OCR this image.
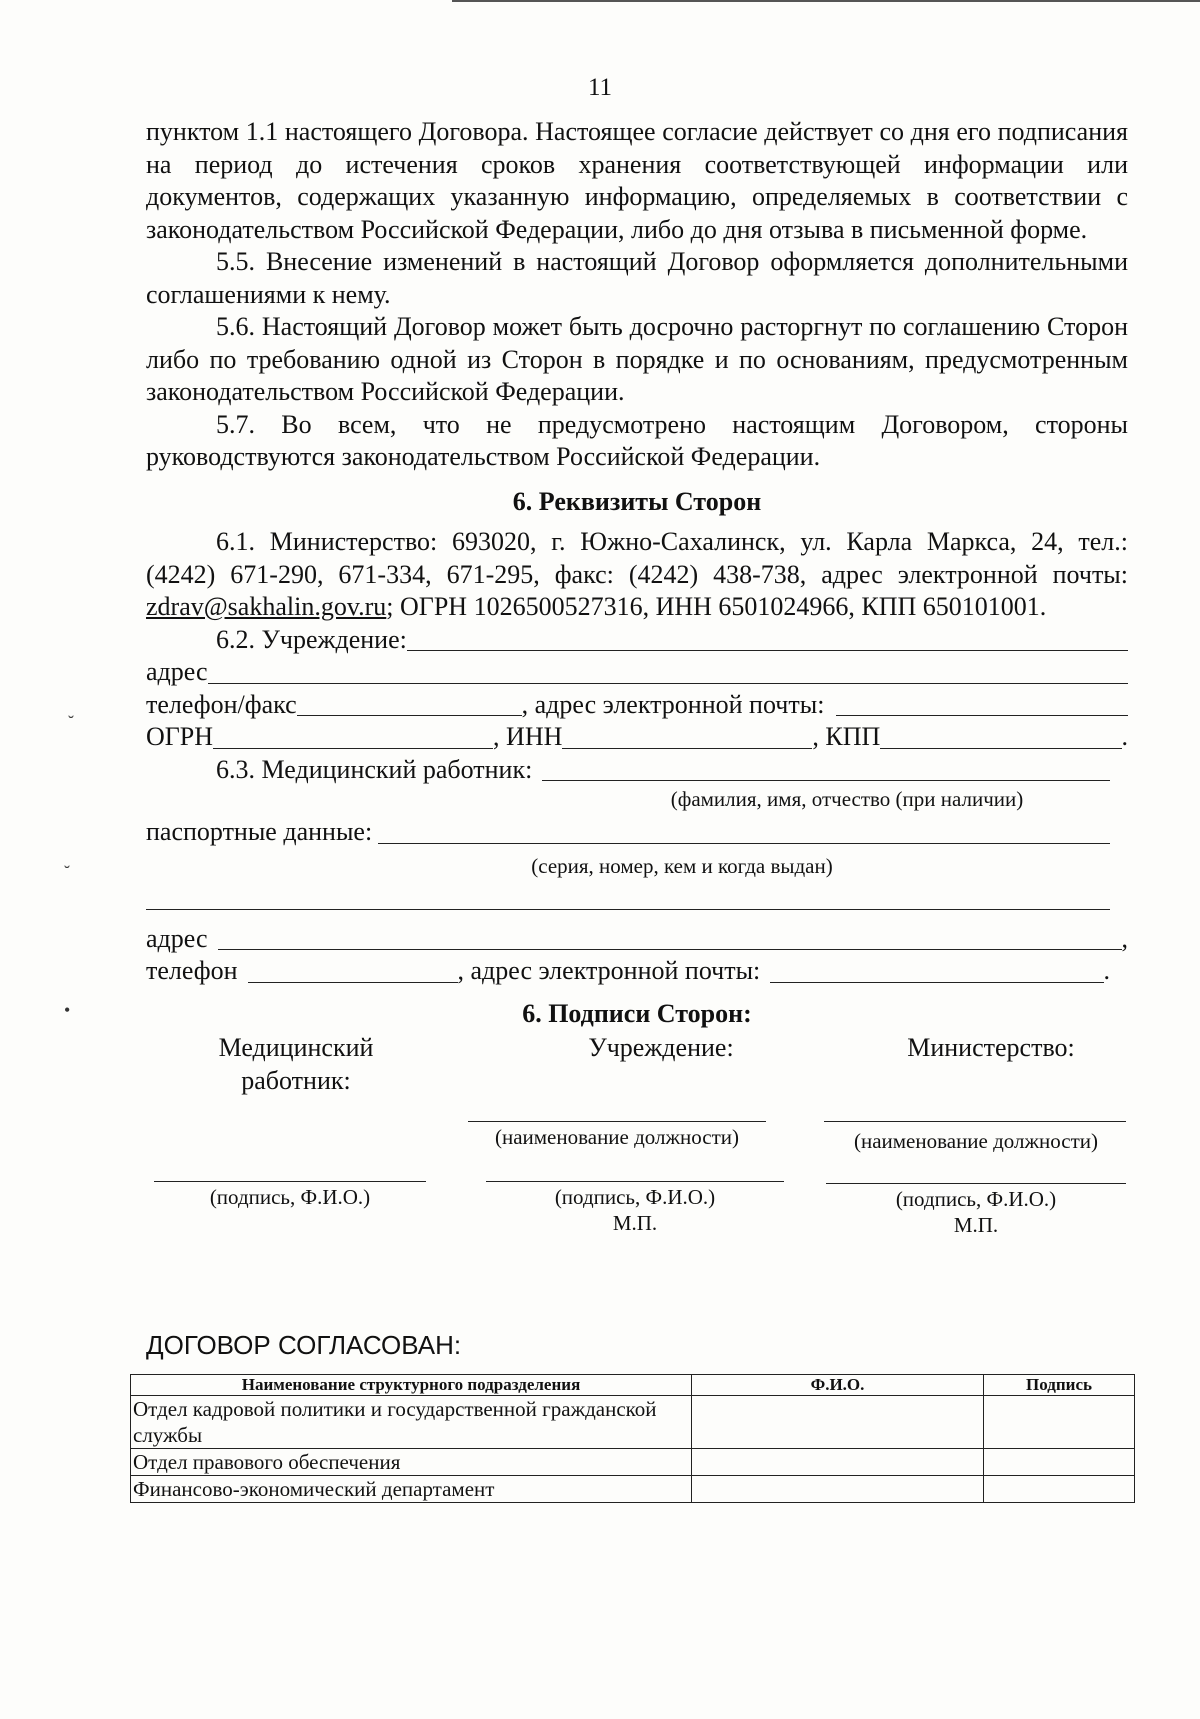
˘
˘
•
11

пунктом 1.1 настоящего Договора. Настоящее согласие действует со дня его подписания на период до истечения сроков хранения соответствующей информации или документов, содержащих указанную информацию, определяемых в соответствии с законодательством Российской Федерации, либо до дня отзыва в письменной форме.

5.5. Внесение изменений в настоящий Договор оформляется дополнительными соглашениями к нему.

5.6. Настоящий Договор может быть досрочно расторгнут по соглашению Сторон либо по требованию одной из Сторон в порядке и по основаниям, предусмотренным законодательством Российской Федерации.

5.7. Во всем, что не предусмотрено настоящим Договором, стороны руководствуются законодательством Российской Федерации.

6. Реквизиты Сторон

6.1. Министерство: 693020, г. Южно-Сахалинск, ул. Карла Маркса, 24, тел.: (4242) 671-290, 671-334, 671-295, факс: (4242) 438-738, адрес электронной почты: zdrav@sakhalin.gov.ru; ОГРН 1026500527316, ИНН 6501024966, КПП 650101001.

6.2. Учреждение:
адрес
телефон/факс	, адрес электронной почты:
ОГРН	, ИНН	, КПП	.
6.3. Медицинский работник:
(фамилия, имя, отчество (при наличии)
паспортные данные:
(серия, номер, кем и когда выдан)
адрес	,
телефон	, адрес электронной почты:	.

6. Подписи Сторон:

Медицинский работник:
Учреждение:	Министерство:
(наименование должности)	(наименование должности)
(подпись, Ф.И.О.)	(подпись, Ф.И.О.)	(подпись, Ф.И.О.)
М.П.	М.П.
ДОГОВОР СОГЛАСОВАН:
Наименование структурного подразделения	Ф.И.О.	Подпись
Отдел кадровой политики и государственной гражданской службы		
Отдел правового обеспечения		
Финансово-экономический департамент		
